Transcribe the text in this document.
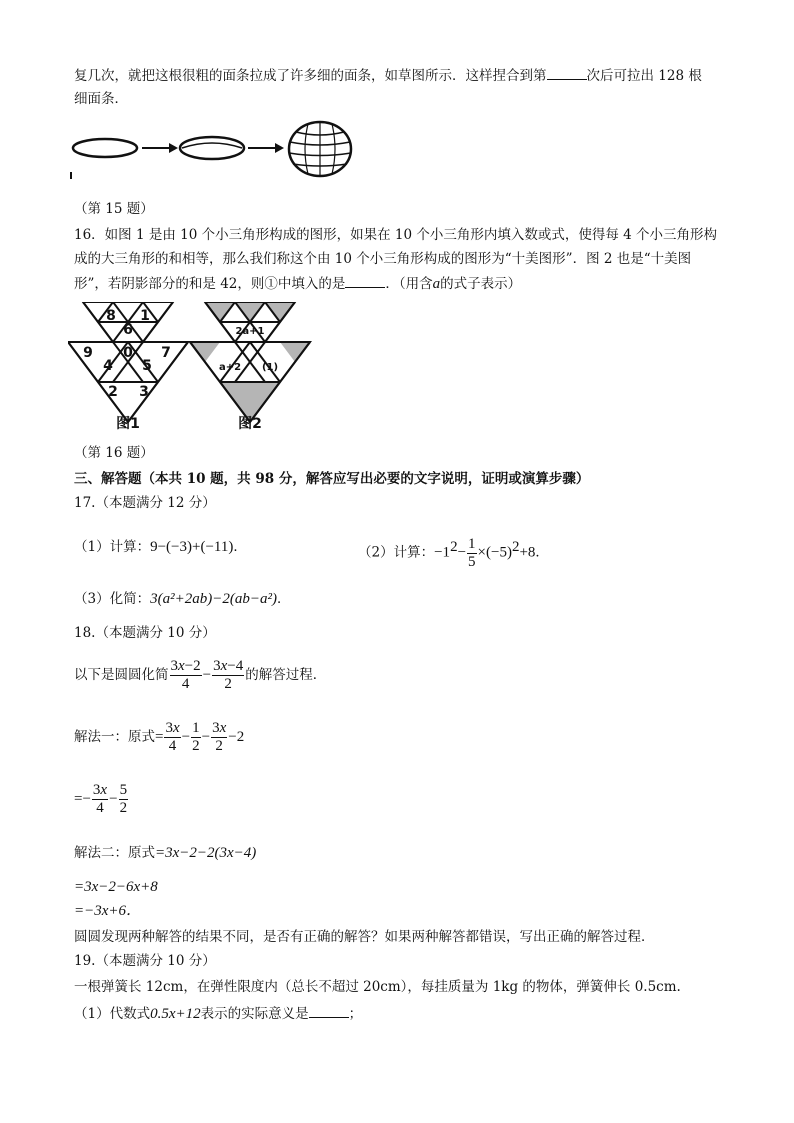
复几次，就把这根很粗的面条拉成了许多细的面条，如草图所示．这样捏合到第	次后可拉出 128 根
细面条．
（第 15 题）
16．如图 1 是由 10 个小三角形构成的图形，如果在 10 个小三角形内填入数或式，使得每 4 个小三角形构
成的大三角形的和相等，那么我们称这个由 10 个小三角形构成的图形为“十美图形”．图 2 也是“十美图
形”，若阴影部分的和是 42，则①中填入的是	．（用含a的式子表示）
8 1
6
9 0 7
4 5
2 3
图1
2a+1
a+2 (1)
图2
（第 16 题）
三、解答题（本共 10 题，共 98 分，解答应写出必要的文字说明，证明或演算步骤）
17.（本题满分 12 分）
（1）计算：9−(−3)+(−11)．	（2）计算：$-1^2- \frac{1}{5} \times(-5)^2+8$．
（3）化简：3(a²+2ab)−2(ab−a²)．
18.（本题满分 10 分）
以下是圆圆化简 $\frac{3x-2}{4} - \frac{3x-4}{2}$ 的解答过程．
解法一：原式= $\frac{3x}{4} - \frac{1}{2} - \frac{3x}{2} -2$
=− $\frac{3x}{4} - \frac{5}{2}$
解法二：原式=3x−2−2(3x−4)
=3x−2−6x+8
=−3x+6．
圆圆发现两种解答的结果不同，是否有正确的解答？如果两种解答都错误，写出正确的解答过程．
19.（本题满分 10 分）
一根弹簧长 12cm，在弹性限度内（总长不超过 20cm），每挂质量为 1kg 的物体，弹簧伸长 0.5cm.
（1）代数式0.5x+12表示的实际意义是	；
